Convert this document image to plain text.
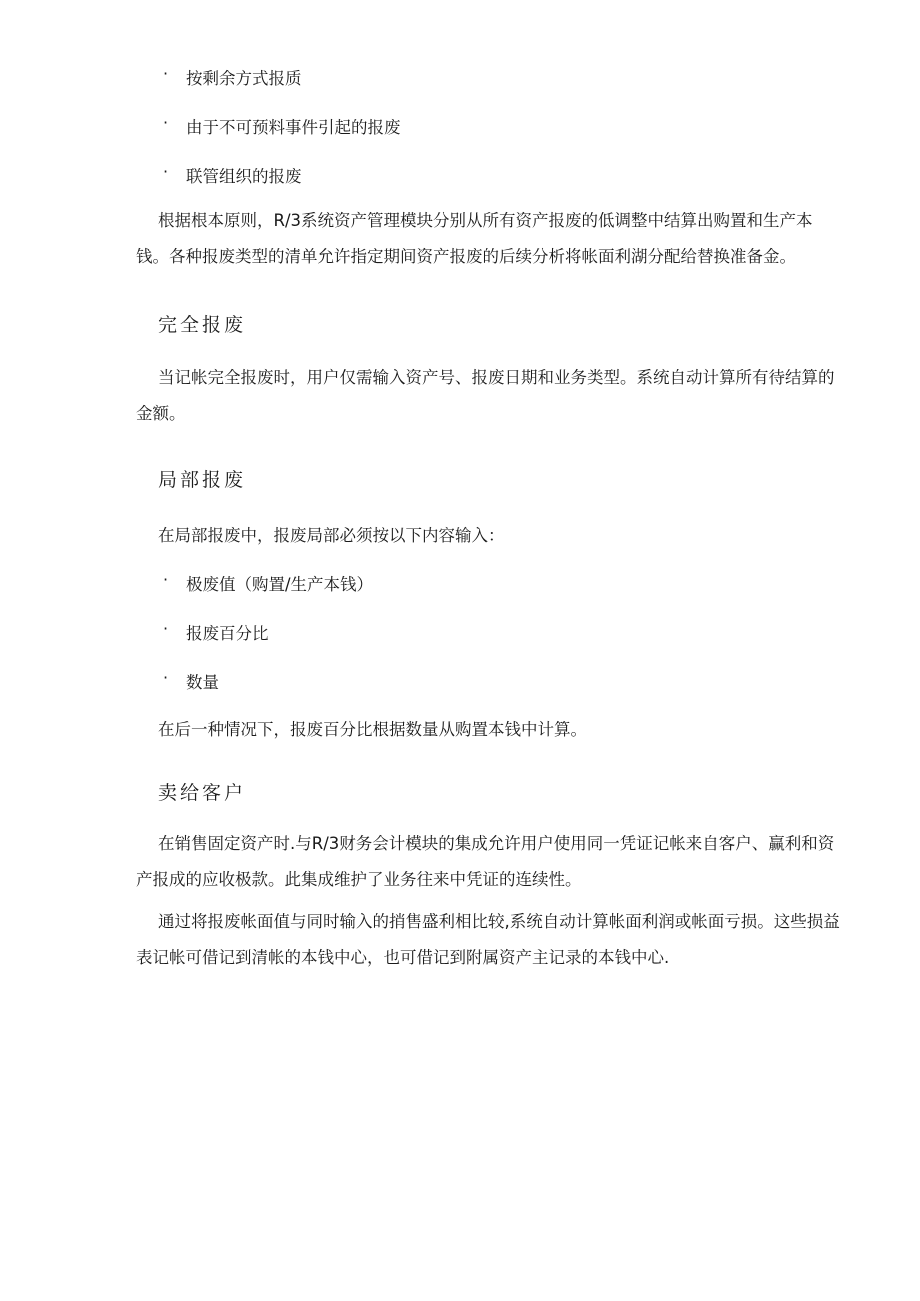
· 按剩余方式报质
· 由于不可预料事件引起的报废
· 联管组织的报废
根据根本原则，R/3系统资产管理模块分别从所有资产报废的低调整中结算出购置和生产本
钱。各种报废类型的清单允许指定期间资产报废的后续分析将帐面利湖分配给替换准备金。
完全报废
当记帐完全报废时，用户仅需输入资产号、报废日期和业务类型。系统自动计算所有待结算的
金额。
局部报废
在局部报废中，报废局部必须按以下内容输入：
· 极废值（购置/生产本钱）
· 报废百分比
· 数量
在后一种情况下，报废百分比根据数量从购置本钱中计算。
卖给客户
在销售固定资产时.与R/3财务会计模块的集成允许用户使用同一凭证记帐来自客户、赢利和资
产报成的应收极款。此集成维护了业务往来中凭证的连续性。
通过将报废帐面值与同时输入的捎售盛利相比较,系统自动计算帐面利润或帐面亏损。这些损益
表记帐可借记到清帐的本钱中心，也可借记到附属资产主记录的本钱中心.
